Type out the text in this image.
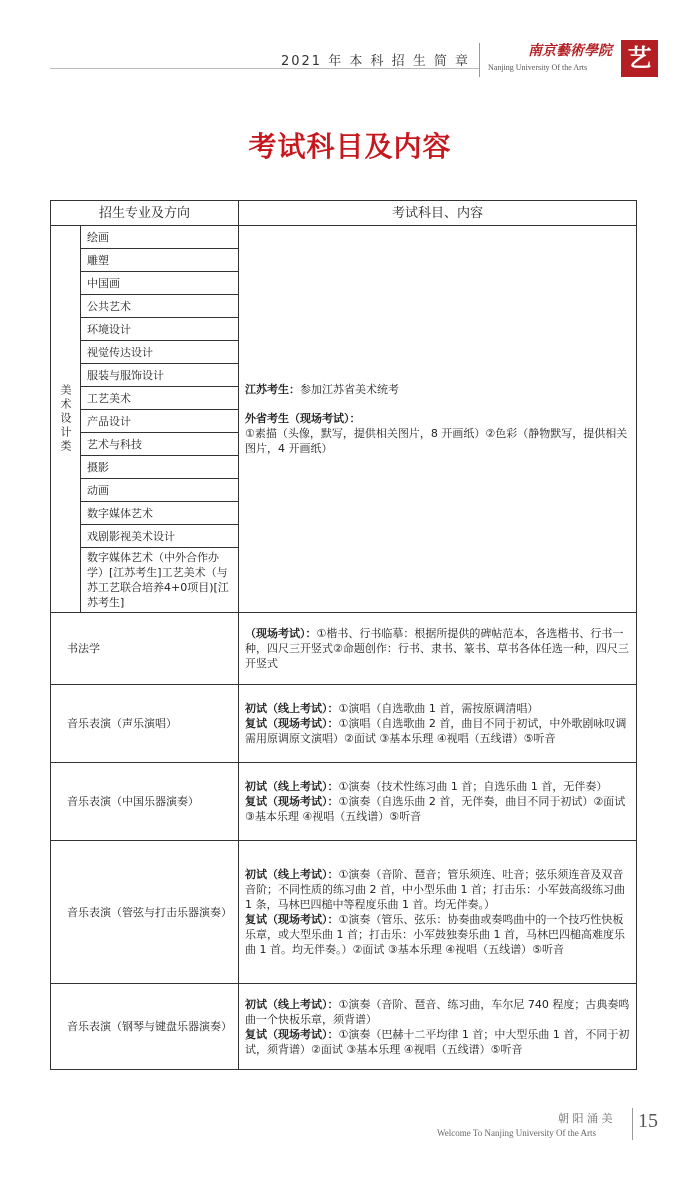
2021 年 本 科 招 生 简 章
南京藝術學院
Nanjing University Of the Arts 艺
考试科目及内容
招生专业及方向		考试科目、内容
美术设计类	绘画	江苏考生：参加江苏省美术统考
外省考生（现场考试）：
①素描（头像，默写，提供相关图片，8 开画纸）②色彩（静物默写，提供相关图片，4 开画纸）
	雕塑	
	中国画	
	公共艺术	
	环境设计	
	视觉传达设计	
	服装与服饰设计	
	工艺美术	
	产品设计	
	艺术与科技	
	摄影	
	动画	
	数字媒体艺术	
	戏剧影视美术设计	
	数字媒体艺术（中外合作办学）[江苏考生]工艺美术（与苏工艺联合培养4+0项目)[江苏考生]	
书法学		（现场考试）：①楷书、行书临摹：根据所提供的碑帖范本，各选楷书、行书一种，四尺三开竖式②命题创作：行书、隶书、篆书、草书各体任选一种，四尺三开竖式
音乐表演（声乐演唱）		初试（线上考试）：①演唱（自选歌曲 1 首，需按原调清唱）
复试（现场考试）：①演唱（自选歌曲 2 首，曲目不同于初试，中外歌剧咏叹调需用原调原文演唱）②面试 ③基本乐理 ④视唱（五线谱）⑤听音
音乐表演（中国乐器演奏）		初试（线上考试）：①演奏（技术性练习曲 1 首；自选乐曲 1 首，无伴奏）
复试（现场考试）：①演奏（自选乐曲 2 首，无伴奏，曲目不同于初试）②面试 ③基本乐理 ④视唱（五线谱）⑤听音
音乐表演（管弦与打击乐器演奏）		初试（线上考试）：①演奏（音阶、琶音；管乐须连、吐音；弦乐须连音及双音音阶；不同性质的练习曲 2 首，中小型乐曲 1 首；打击乐：小军鼓高级练习曲 1 条，马林巴四槌中等程度乐曲 1 首。均无伴奏。）
复试（现场考试）：①演奏（管乐、弦乐：协奏曲或奏鸣曲中的一个技巧性快板乐章，或大型乐曲 1 首；打击乐：小军鼓独奏乐曲 1 首，马林巴四槌高难度乐曲 1 首。均无伴奏。）②面试 ③基本乐理 ④视唱（五线谱）⑤听音
音乐表演（钢琴与键盘乐器演奏）		初试（线上考试）：①演奏（音阶、琶音、练习曲，车尔尼 740 程度；古典奏鸣曲一个快板乐章，须背谱）
复试（现场考试）：①演奏（巴赫十二平均律 1 首；中大型乐曲 1 首，不同于初试，须背谱）②面试 ③基本乐理 ④视唱（五线谱）⑤听音
朝 阳 涌 美
Welcome To Nanjing University Of the Arts
15
